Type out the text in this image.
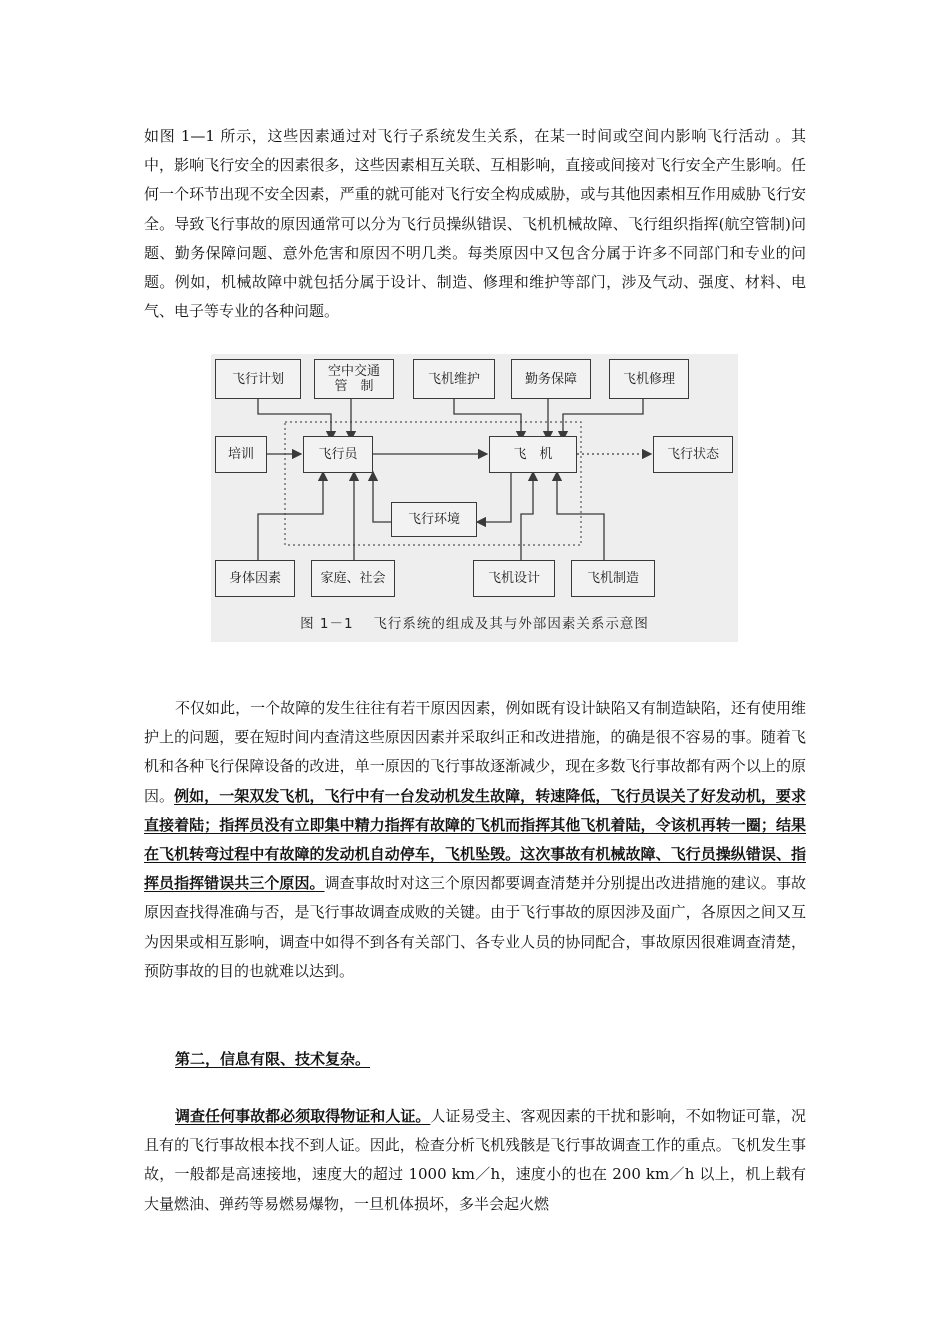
如图 1—1 所示，这些因素通过对飞行子系统发生关系，在某一时间或空间内影响飞行活动 。其中，影响飞行安全的因素很多，这些因素相互关联、互相影响，直接或间接对飞行安全产生影响。任何一个环节出现不安全因素，严重的就可能对飞行安全构成威胁，或与其他因素相互作用威胁飞行安全。导致飞行事故的原因通常可以分为飞行员操纵错误、飞机机械故障、飞行组织指挥(航空管制)问题、勤务保障问题、意外危害和原因不明几类。每类原因中又包含分属于许多不同部门和专业的问题。例如，机械故障中就包括分属于设计、制造、修理和维护等部门，涉及气动、强度、材料、电气、电子等专业的各种问题。

飞行计划	空中交通
管　制	飞机维护	勤务保障	飞机修理
培训	飞行员	飞　机	飞行状态
飞行环境
身体因素	家庭、社会	飞机设计	飞机制造
图 1－1　 飞行系统的组成及其与外部因素关系示意图

不仅如此，一个故障的发生往往有若干原因因素，例如既有设计缺陷又有制造缺陷，还有使用维护上的问题，要在短时间内查清这些原因因素并采取纠正和改进措施，的确是很不容易的事。随着飞机和各种飞行保障设备的改进，单一原因的飞行事故逐渐减少，现在多数飞行事故都有两个以上的原因。例如，一架双发飞机，飞行中有一台发动机发生故障，转速降低，飞行员误关了好发动机，要求直接着陆；指挥员没有立即集中精力指挥有故障的飞机而指挥其他飞机着陆，令该机再转一圈；结果在飞机转弯过程中有故障的发动机自动停车，飞机坠毁。这次事故有机械故障、飞行员操纵错误、指挥员指挥错误共三个原因。调查事故时对这三个原因都要调查清楚并分别提出改进措施的建议。事故原因查找得准确与否，是飞行事故调查成败的关键。由于飞行事故的原因涉及面广，各原因之间又互为因果或相互影响，调查中如得不到各有关部门、各专业人员的协同配合，事故原因很难调查清楚，预防事故的目的也就难以达到。

第二，信息有限、技术复杂。

调查任何事故都必须取得物证和人证。人证易受主、客观因素的干扰和影响，不如物证可靠，况且有的飞行事故根本找不到人证。因此，检查分析飞机残骸是飞行事故调查工作的重点。飞机发生事故，一般都是高速接地，速度大的超过 1000 km／h，速度小的也在 200 km／h 以上，机上载有大量燃油、弹药等易燃易爆物，一旦机体损坏，多半会起火燃
